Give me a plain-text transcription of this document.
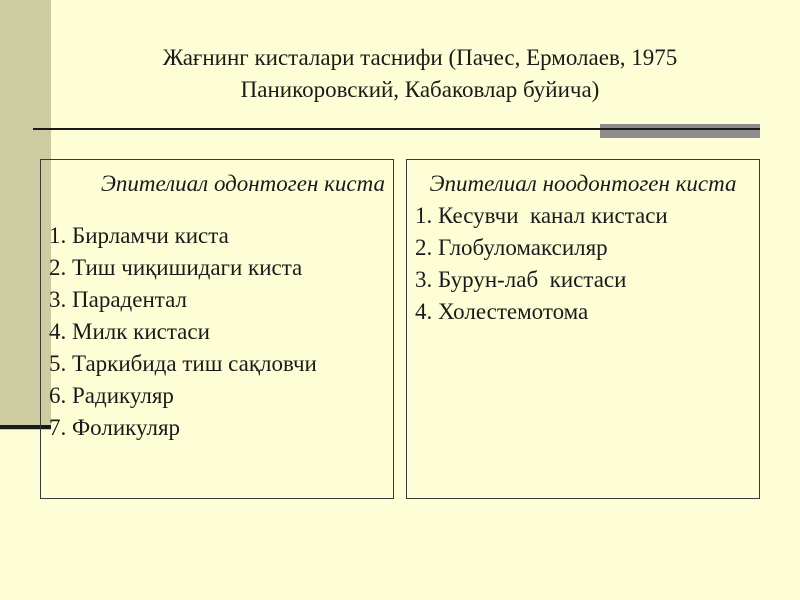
Жағнинг кисталари таснифи (Пачес, Ермолаев, 1975
Паникоровский, Кабаковлар буйича)
Эпителиал одонтоген киста
1. Бирламчи киста
2. Тиш чиқишидаги киста
3. Парадентал
4. Милк кистаси
5. Таркибида тиш сақловчи
6. Радикуляр
7. Фоликуляр
Эпителиал ноодонтоген киста
1. Кесувчи  канал кистаси
2. Глобуломаксиляр
3. Бурун-лаб  кистаси
4. Холестемотома
